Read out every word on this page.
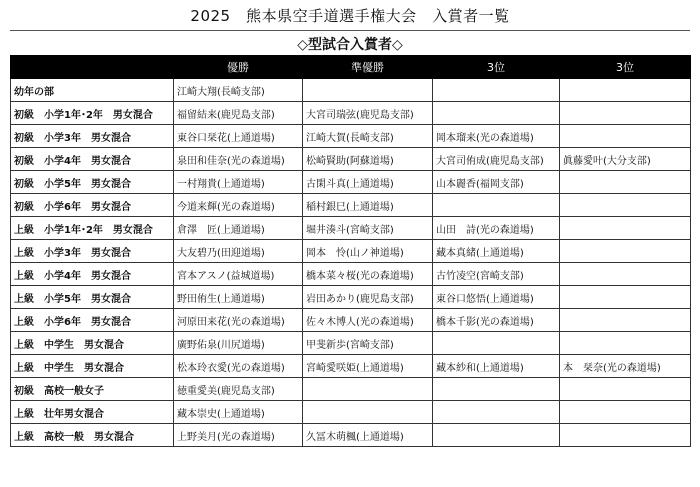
2025　熊本県空手道選手権大会　入賞者一覧
◇型試合入賞者◇
	優勝	準優勝	3位	3位
幼年の部	江崎大翔(長崎支部)			
初級　小学1年･2年　男女混合	福留結来(鹿児島支部)	大宮司瑞弦(鹿児島支部)		
初級　小学3年　男女混合	東谷口栞花(上通道場)	江崎大賀(長崎支部)	岡本瑠来(光の森道場)	
初級　小学4年　男女混合	泉田和佳奈(光の森道場)	松崎賢助(阿蘇道場)	大宮司侑成(鹿児島支部)	眞藤愛叶(大分支部)
初級　小学5年　男女混合	一村翔貴(上通道場)	古閑斗真(上通道場)	山本麗香(福岡支部)	
初級　小学6年　男女混合	今道来輝(光の森道場)	稲村銀巳(上通道場)		
上級　小学1年･2年　男女混合	倉澤　匠(上通道場)	堀井湊斗(宮崎支部)	山田　詩(光の森道場)	
上級　小学3年　男女混合	大友碧乃(田迎道場)	岡本　怜(山ノ神道場)	藏本真緒(上通道場)	
上級　小学4年　男女混合	宮本アスノ(益城道場)	橋本菜々桜(光の森道場)	古竹凌空(宮崎支部)	
上級　小学5年　男女混合	野田侑生(上通道場)	岩田あかり(鹿児島支部)	東谷口悠悟(上通道場)	
上級　小学6年　男女混合	河原田来花(光の森道場)	佐々木博人(光の森道場)	橋本千影(光の森道場)	
上級　中学生　男女混合	廣野佑泉(川尻道場)	甲斐新歩(宮崎支部)		
上級　中学生　男女混合	松本玲衣愛(光の森道場)	宮崎愛咲姫(上通道場)	藏本紗和(上通道場)	本　栞奈(光の森道場)
初級　高校一般女子	徳重愛美(鹿児島支部)			
上級　壮年男女混合	藏本崇史(上通道場)			
上級　高校一般　男女混合	上野美月(光の森道場)	久冨木萌楓(上通道場)		
